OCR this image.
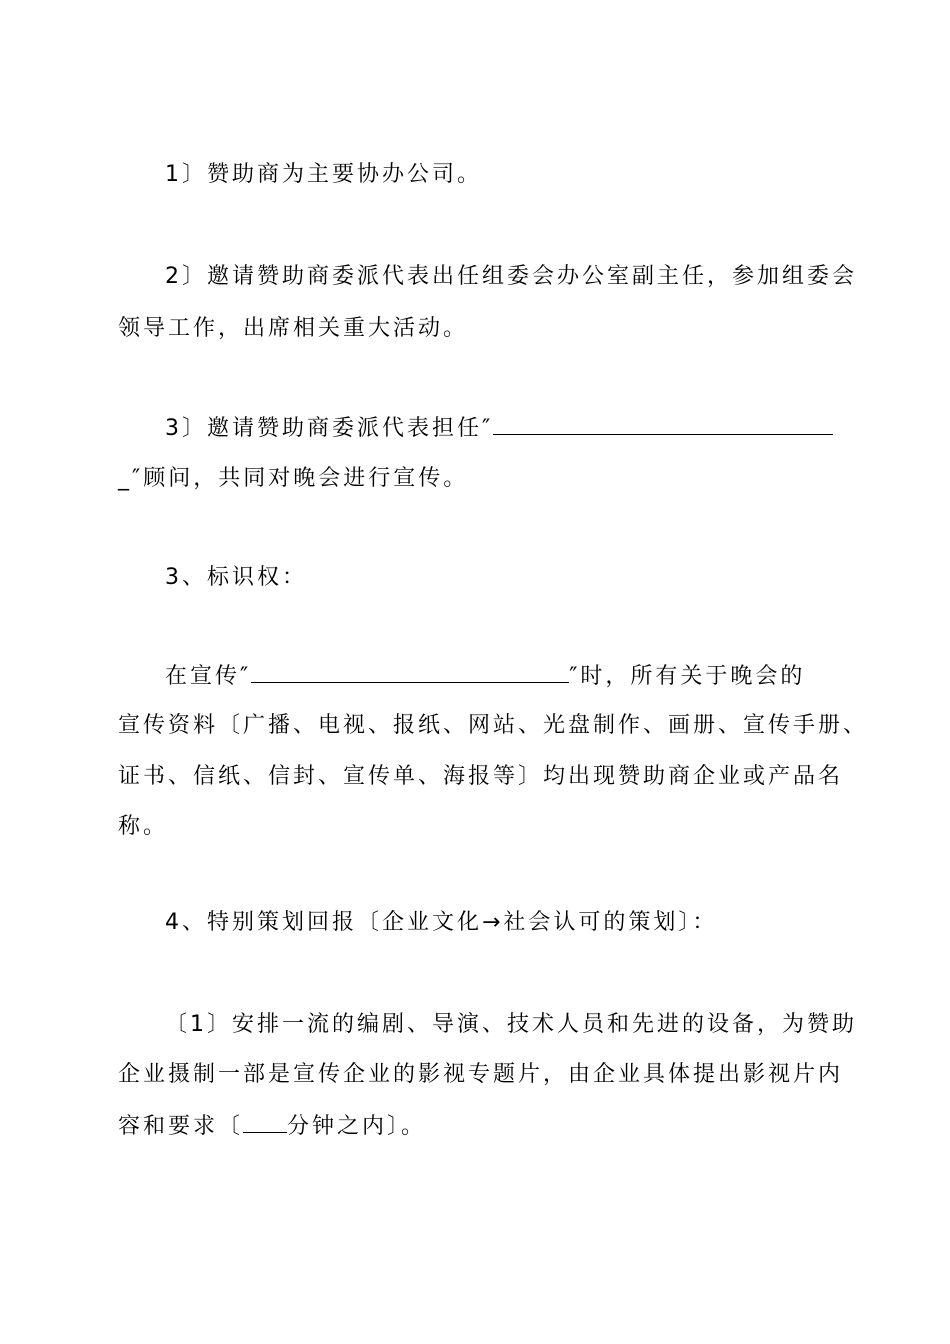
1〕赞助商为主要协办公司。
2〕邀请赞助商委派代表出任组委会办公室副主任，参加组委会
领导工作，出席相关重大活动。
3〕邀请赞助商委派代表担任″
_″顾问，共同对晚会进行宣传。
3、标识权：
在宣传″	″时，所有关于晚会的
宣传资料〔广播、电视、报纸、网站、光盘制作、画册、宣传手册、
证书、信纸、信封、宣传单、海报等〕均出现赞助商企业或产品名
称。
4、特别策划回报〔企业文化→社会认可的策划〕：
〔1〕安排一流的编剧、导演、技术人员和先进的设备，为赞助
企业摄制一部是宣传企业的影视专题片，由企业具体提出影视片内
容和要求〔 分钟之内〕。
